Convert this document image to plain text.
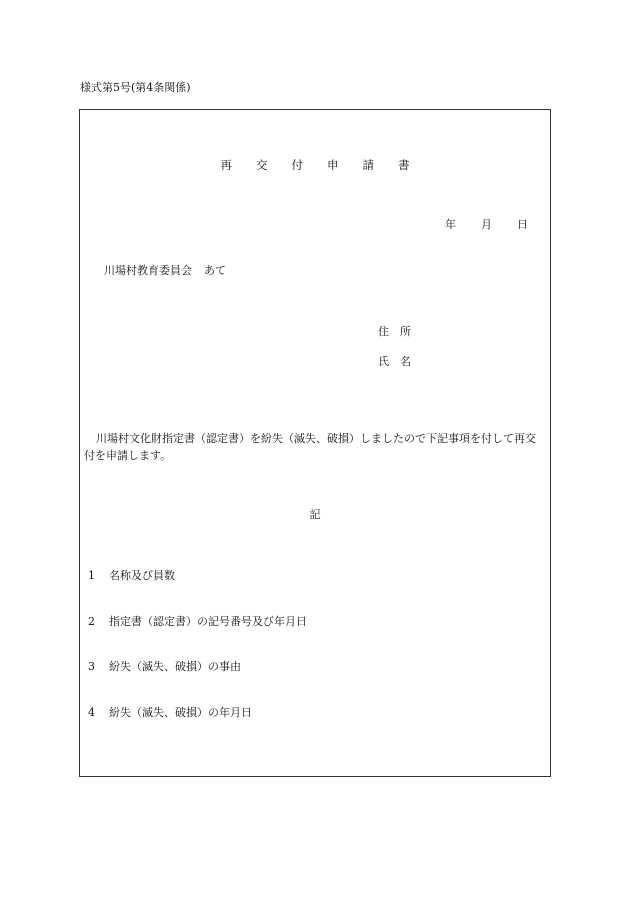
様式第5号(第4条関係)
再交付申請書
年 月 日
川場村教育委員会 あて
住 所
氏 名
川場村文化財指定書（認定書）を紛失（滅失、破損）しましたので下記事項を付して再交付を申請します。
記
1 名称及び員数
2 指定書（認定書）の記号番号及び年月日
3 紛失（滅失、破損）の事由
4 紛失（滅失、破損）の年月日
